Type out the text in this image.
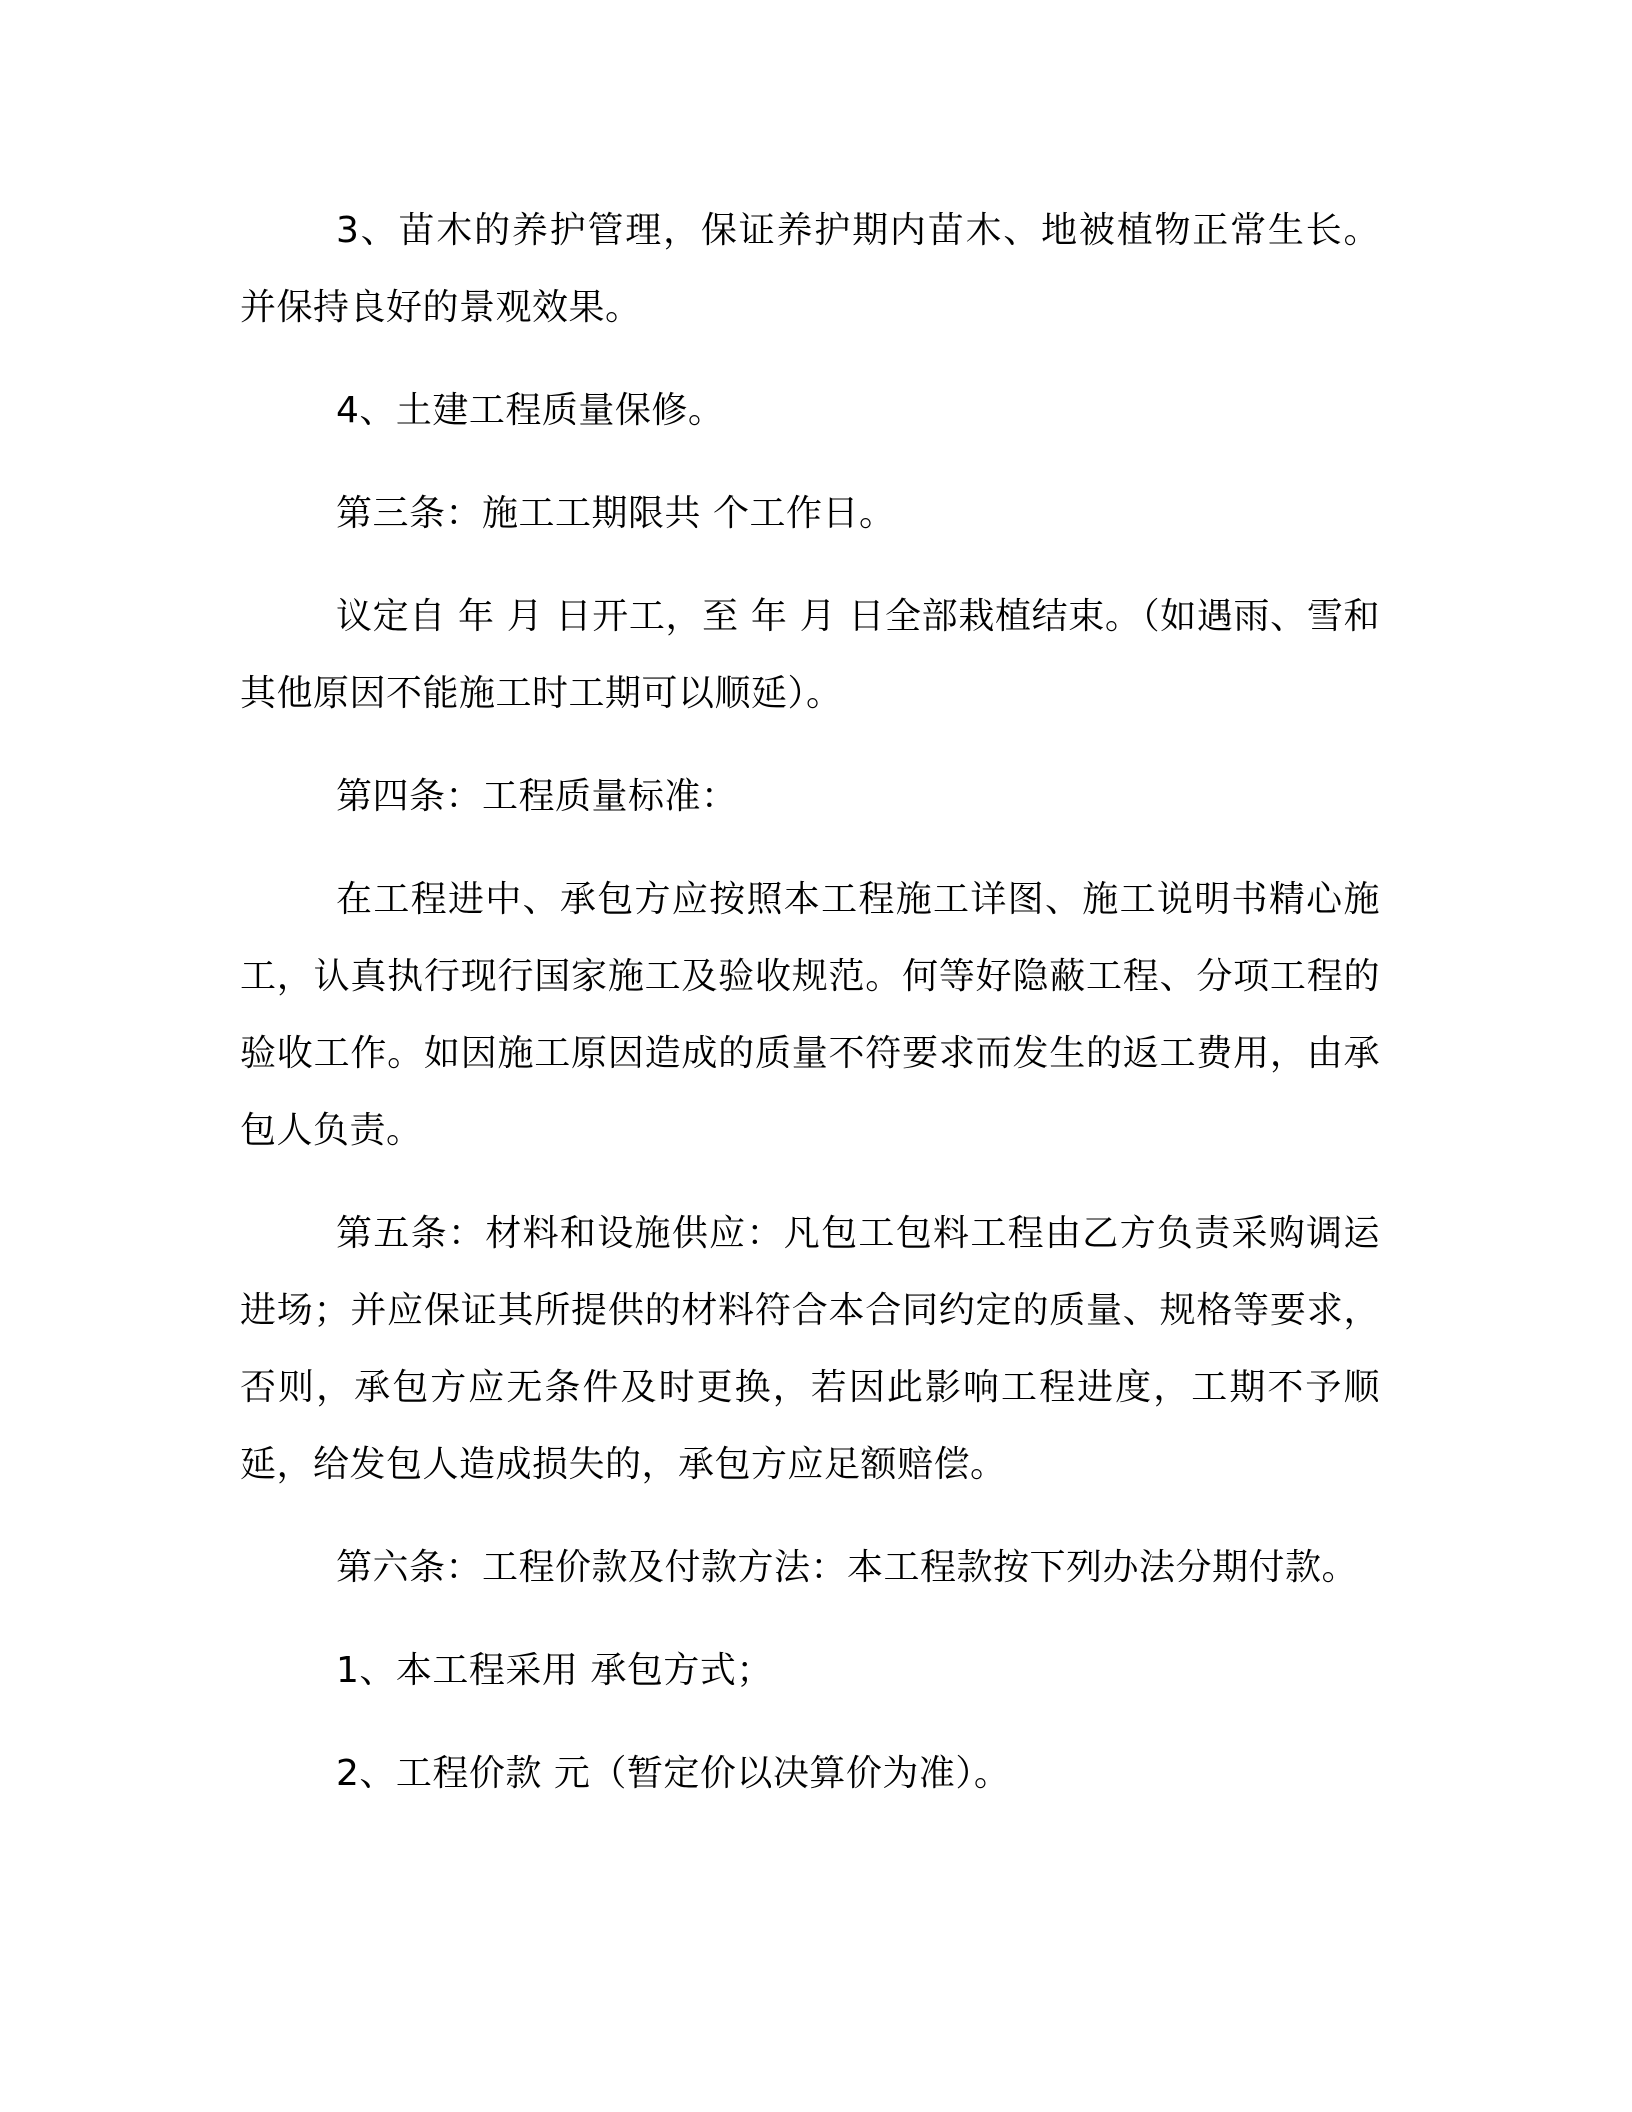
3、苗木的养护管理，保证养护期内苗木、地被植物正常生长。并保持良好的景观效果。

4、土建工程质量保修。

第三条：施工工期限共 个工作日。

议定自 年 月 日开工，至 年 月 日全部栽植结束。（如遇雨、雪和其他原因不能施工时工期可以顺延）。

第四条：工程质量标准：

在工程进中、承包方应按照本工程施工详图、施工说明书精心施工，认真执行现行国家施工及验收规范。何等好隐蔽工程、分项工程的验收工作。如因施工原因造成的质量不符要求而发生的返工费用，由承包人负责。

第五条：材料和设施供应：凡包工包料工程由乙方负责采购调运进场；并应保证其所提供的材料符合本合同约定的质量、规格等要求，否则，承包方应无条件及时更换，若因此影响工程进度，工期不予顺延，给发包人造成损失的，承包方应足额赔偿。

第六条：工程价款及付款方法：本工程款按下列办法分期付款。

1、本工程采用 承包方式；

2、工程价款 元（暂定价以决算价为准）。
